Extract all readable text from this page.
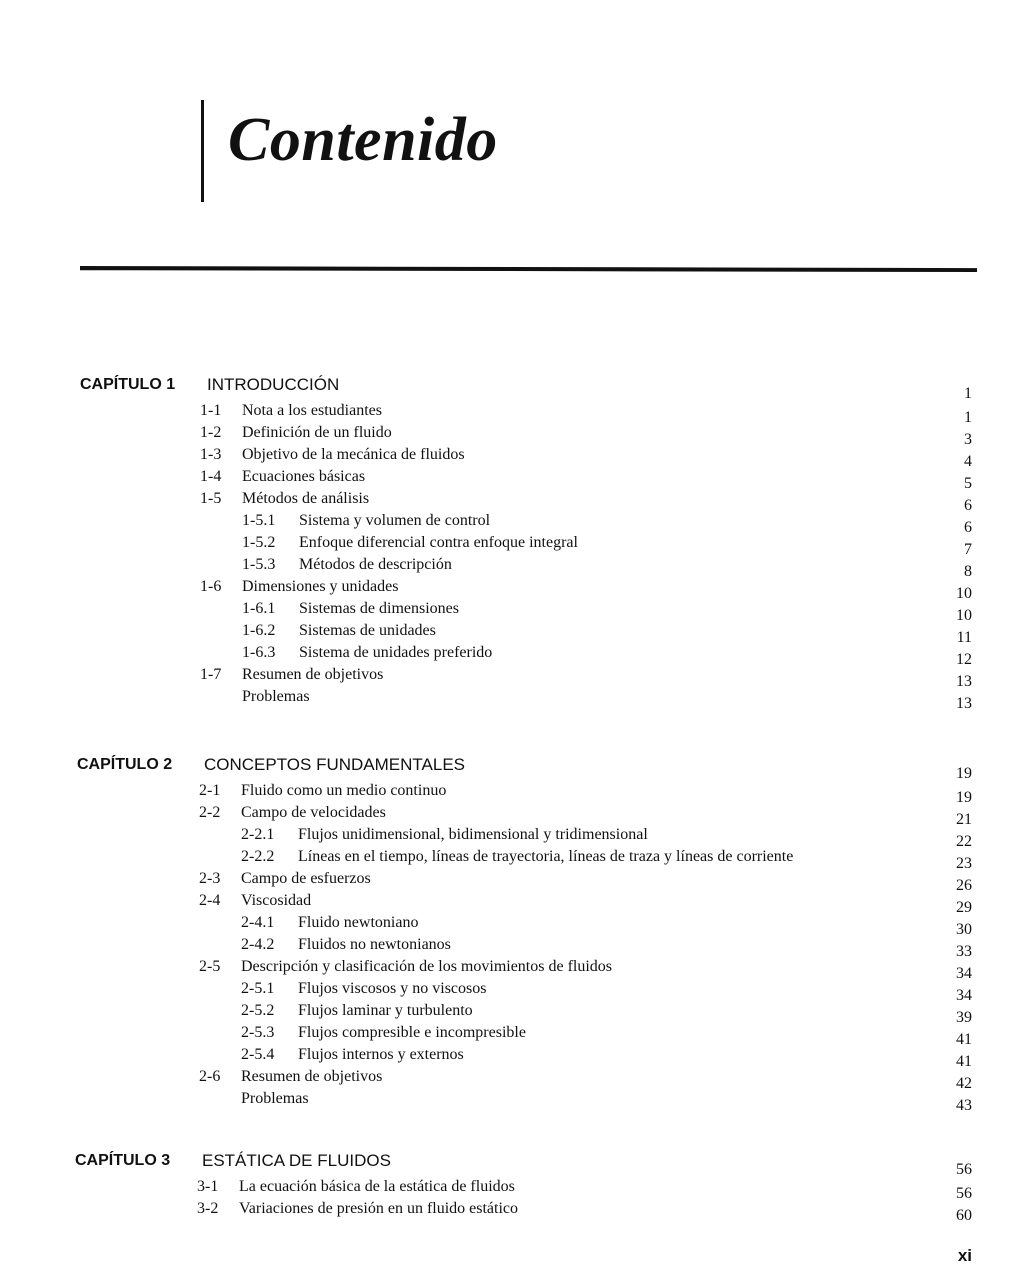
Contenido
CAPÍTULO 1 INTRODUCCIÓN	1
1-1 Nota a los estudiantes	1
1-2 Definición de un fluido	3
1-3 Objetivo de la mecánica de fluidos	4
1-4 Ecuaciones básicas	5
1-5 Métodos de análisis	6
1-5.1 Sistema y volumen de control	6
1-5.2 Enfoque diferencial contra enfoque integral	7
1-5.3 Métodos de descripción	8
1-6 Dimensiones y unidades	10
1-6.1 Sistemas de dimensiones	10
1-6.2 Sistemas de unidades	11
1-6.3 Sistema de unidades preferido	12
1-7 Resumen de objetivos	13
Problemas	13
CAPÍTULO 2 CONCEPTOS FUNDAMENTALES	19
2-1 Fluido como un medio continuo	19
2-2 Campo de velocidades	21
2-2.1 Flujos unidimensional, bidimensional y tridimensional	22
2-2.2 Líneas en el tiempo, líneas de trayectoria, líneas de traza y líneas de corriente	23
2-3 Campo de esfuerzos	26
2-4 Viscosidad	29
2-4.1 Fluido newtoniano	30
2-4.2 Fluidos no newtonianos	33
2-5 Descripción y clasificación de los movimientos de fluidos	34
2-5.1 Flujos viscosos y no viscosos	34
2-5.2 Flujos laminar y turbulento	39
2-5.3 Flujos compresible e incompresible	41
2-5.4 Flujos internos y externos	41
2-6 Resumen de objetivos	42
Problemas	43
CAPÍTULO 3 ESTÁTICA DE FLUIDOS	56
3-1 La ecuación básica de la estática de fluidos	56
3-2 Variaciones de presión en un fluido estático	60
xi
